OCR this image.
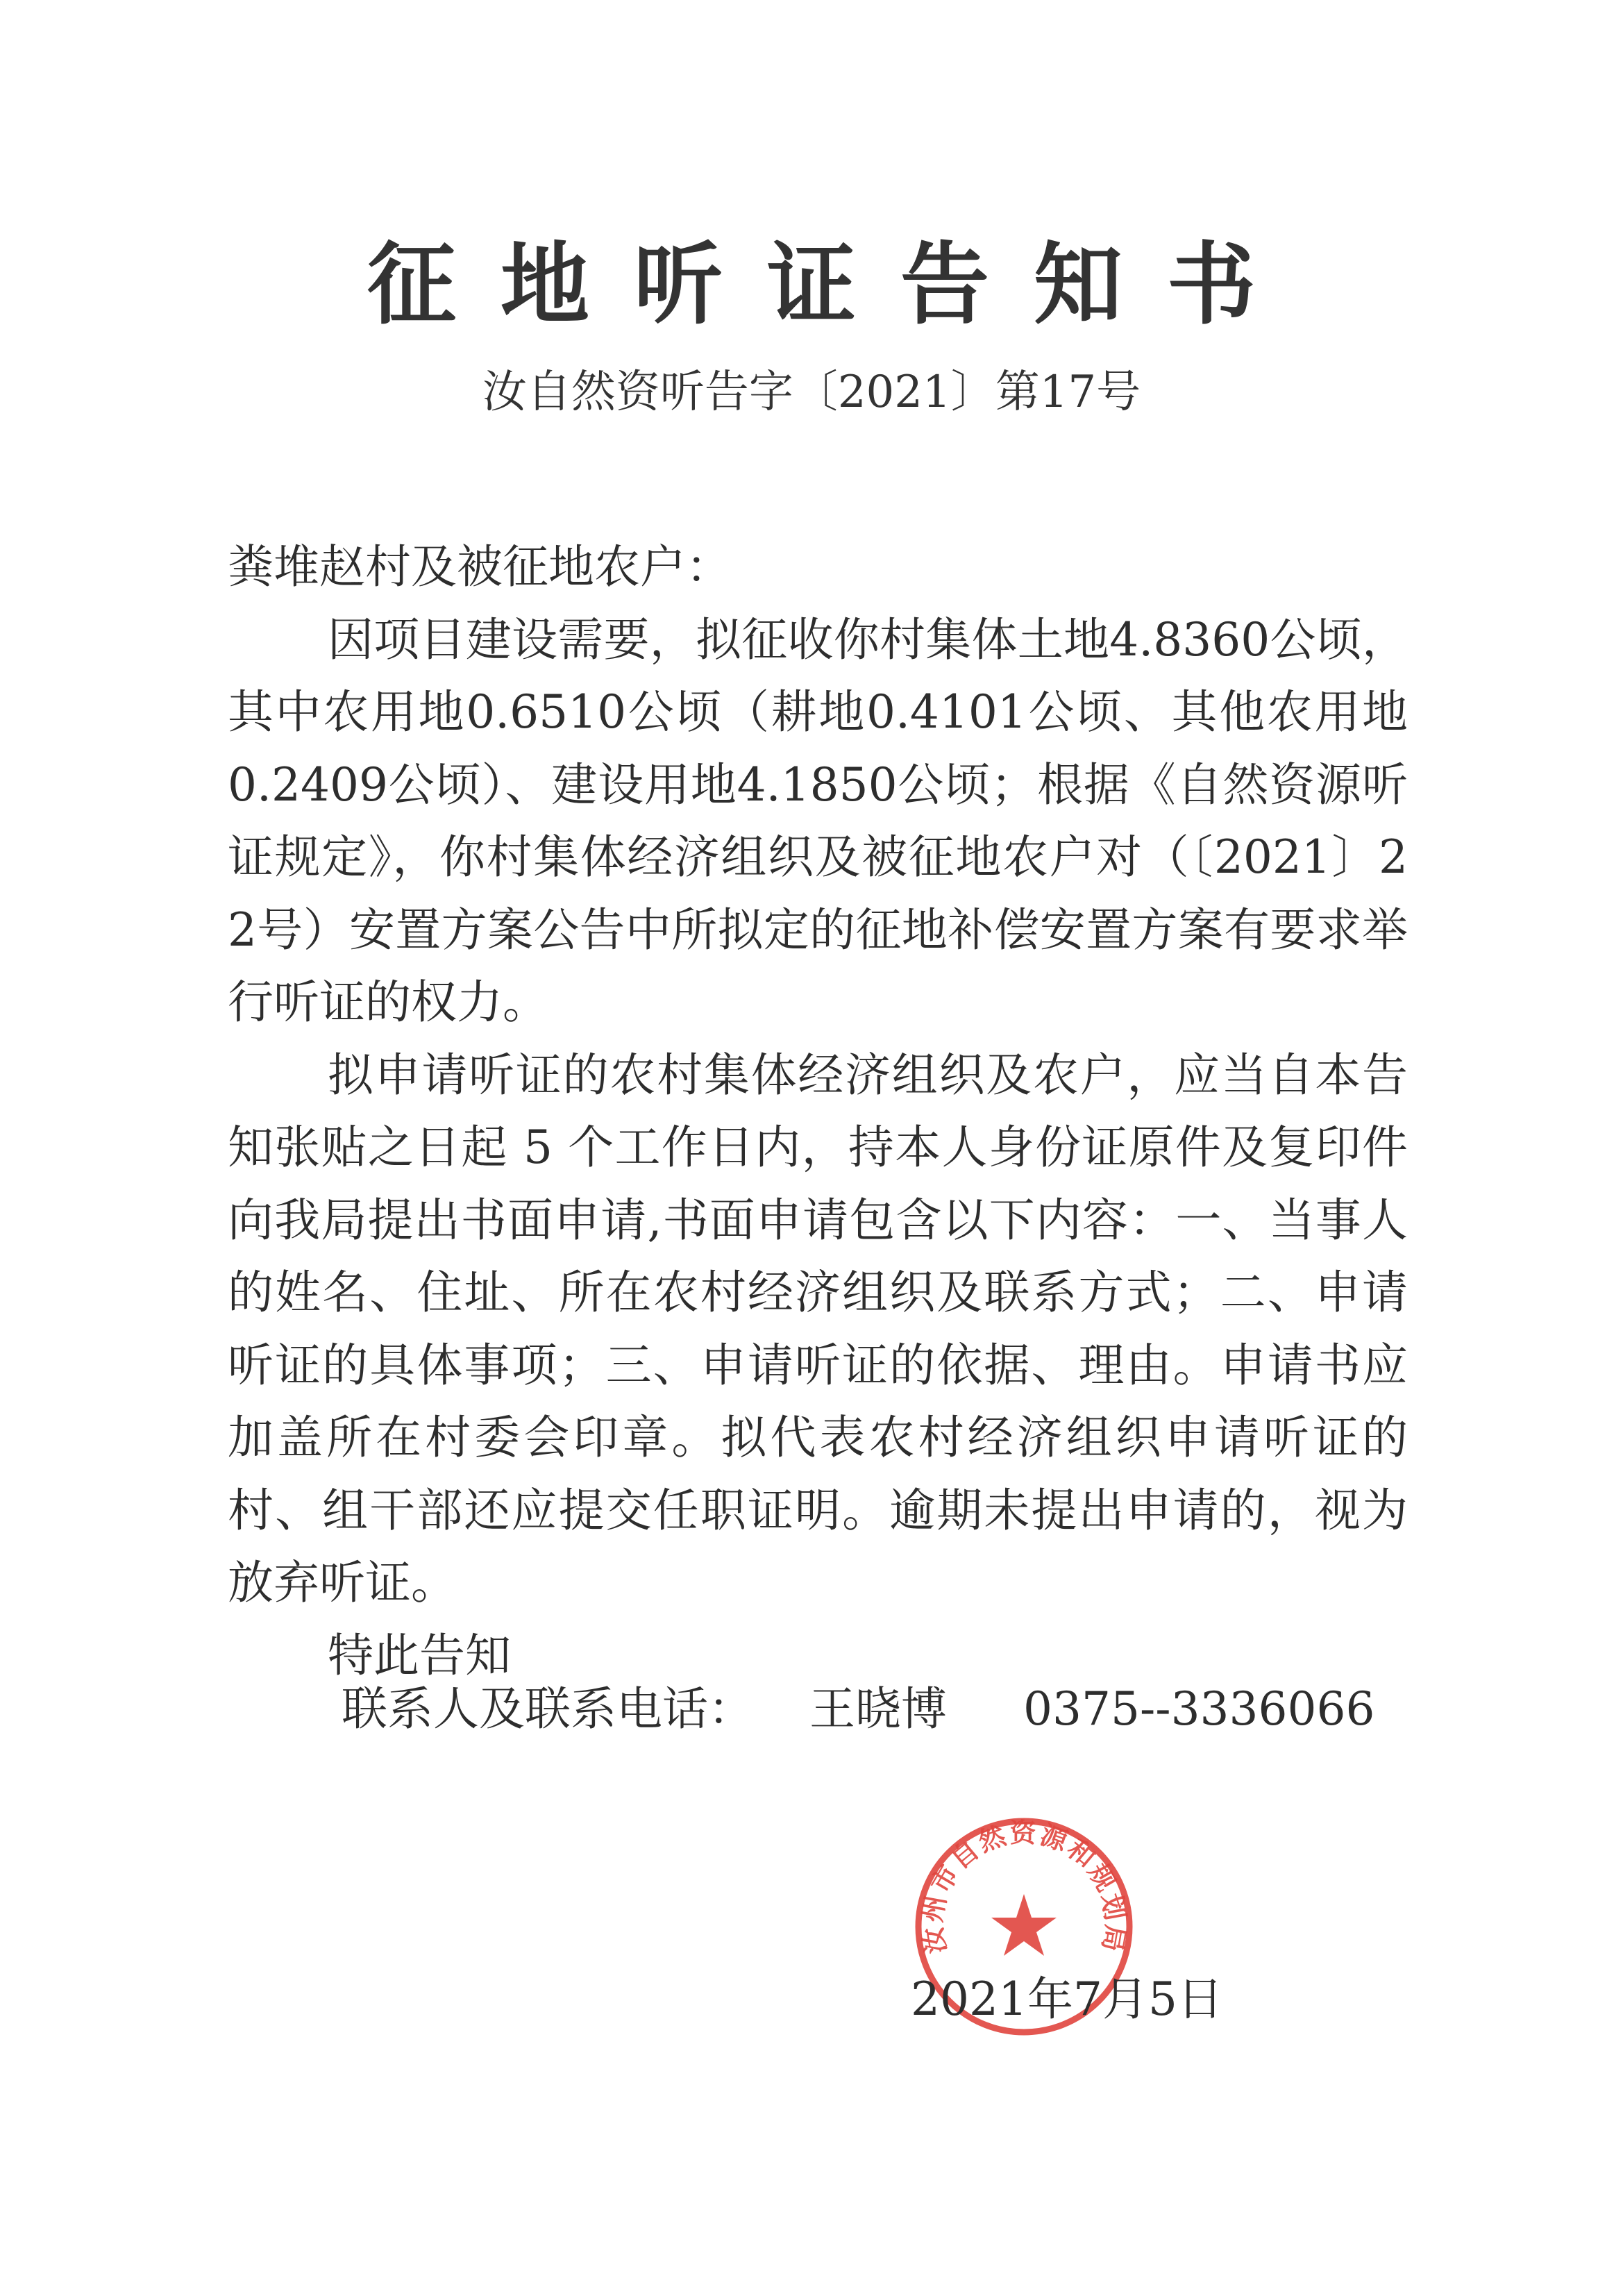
征地听证告知书
汝自然资听告字〔2021〕第17号

粪堆赵村及被征地农户：

因项目建设需要，拟征收你村集体土地4.8360公顷，其中农用地0.6510公顷（耕地0.4101公顷、其他农用地0.2409公顷）、建设用地4.1850公顷；根据《自然资源听证规定》，你村集体经济组织及被征地农户对（〔2021〕22号）安置方案公告中所拟定的征地补偿安置方案有要求举行听证的权力。

拟申请听证的农村集体经济组织及农户，应当自本告知张贴之日起 5 个工作日内，持本人身份证原件及复印件向我局提出书面申请,书面申请包含以下内容：一、当事人的姓名、住址、所在农村经济组织及联系方式；二、申请听证的具体事项；三、申请听证的依据、理由。申请书应加盖所在村委会印章。拟代表农村经济组织申请听证的村、组干部还应提交任职证明。逾期未提出申请的，视为放弃听证。

特此告知

联系人及联系电话： 王晓博 0375--3336066
汝州市自然资源和规划局
2021年7月5日
